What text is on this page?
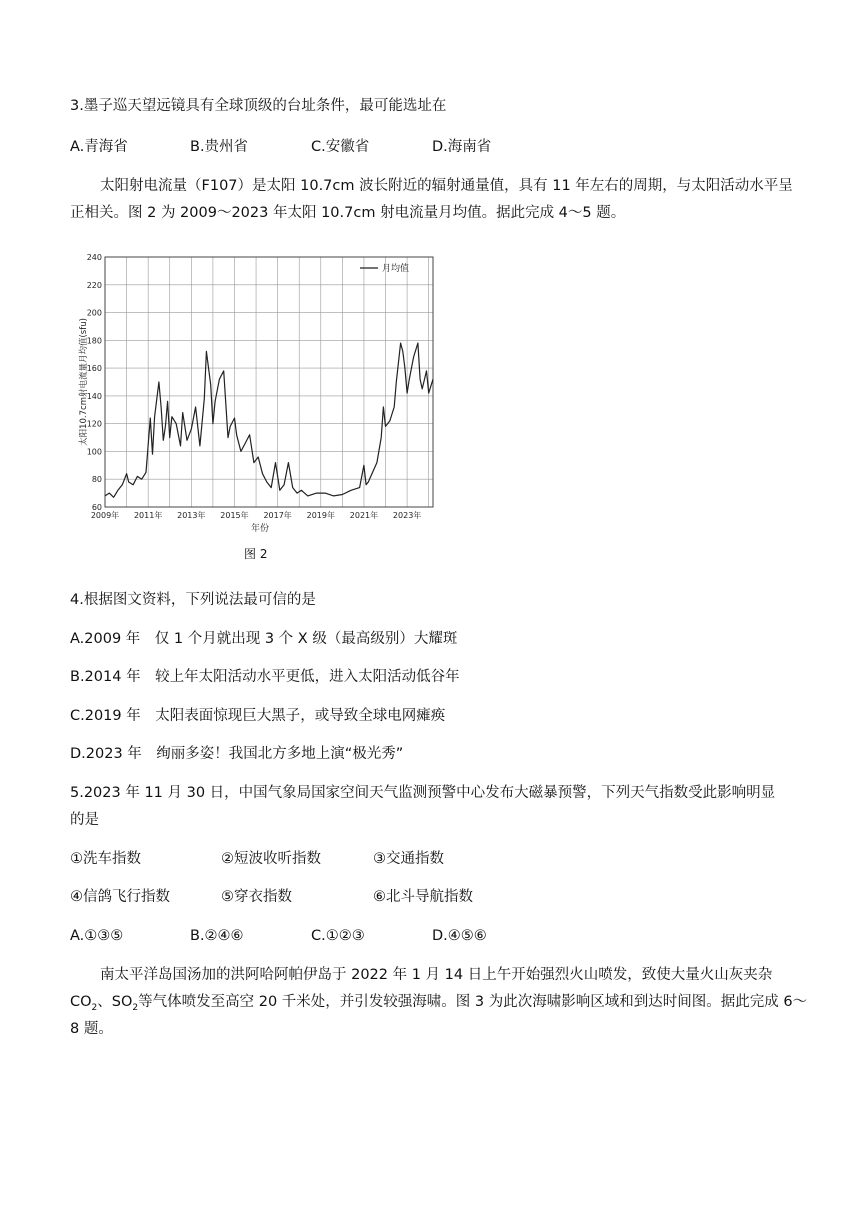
3.墨子巡天望远镜具有全球顶级的台址条件，最可能选址在
A.青海省	B.贵州省	C.安徽省	D.海南省
太阳射电流量（F107）是太阳 10.7cm 波长附近的辐射通量值，具有 11 年左右的周期，与太阳活动水平呈
正相关。图 2 为 2009～2023 年太阳 10.7cm 射电流量月均值。据此完成 4～5 题。
60
80
100
120
140
160
180
200
220
240
2009年 2011年 2013年 2015年 2017年 2019年 2021年 2023年
月均值
年份
太阳10.7cm射电流量月均值(sfu)
图 2
4.根据图文资料，下列说法最可信的是
A.2009 年　仅 1 个月就出现 3 个 X 级（最高级别）大耀斑
B.2014 年　较上年太阳活动水平更低，进入太阳活动低谷年
C.2019 年　太阳表面惊现巨大黑子，或导致全球电网瘫痪
D.2023 年　绚丽多姿！我国北方多地上演“极光秀”
5.2023 年 11 月 30 日，中国气象局国家空间天气监测预警中心发布大磁暴预警，下列天气指数受此影响明显
的是
①洗车指数	②短波收听指数	③交通指数
④信鸽飞行指数	⑤穿衣指数	⑥北斗导航指数
A.①③⑤	B.②④⑥	C.①②③	D.④⑤⑥
南太平洋岛国汤加的洪阿哈阿帕伊岛于 2022 年 1 月 14 日上午开始强烈火山喷发，致使大量火山灰夹杂
$CO_2$、$SO_2$等气体喷发至高空 20 千米处，并引发较强海啸。图 3 为此次海啸影响区域和到达时间图。据此完成 6～
8 题。
